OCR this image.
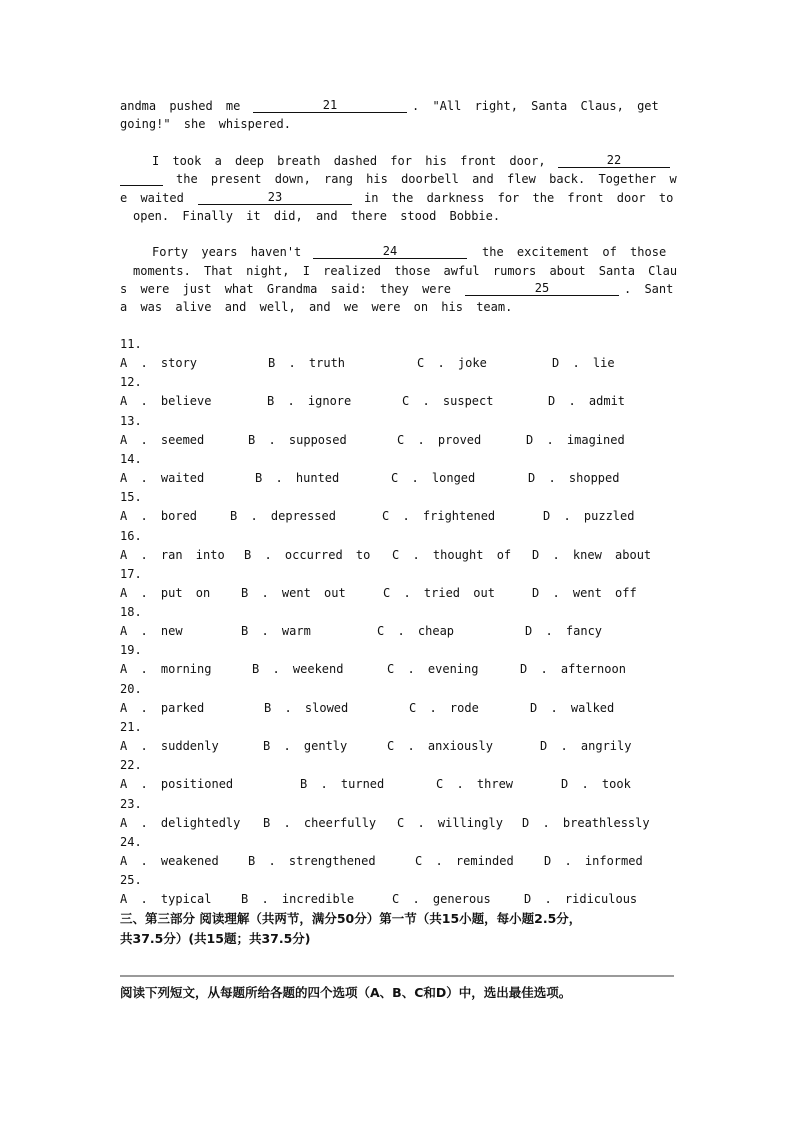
andma pushed me	21	. "All right, Santa Claus, get
going!" she whispered.
I took a deep breath dashed for his front door,	22
the present down, rang his doorbell and flew back. Together w
e waited	23	in the darkness for the front door to
open. Finally it did, and there stood Bobbie.
Forty years haven't	24	the excitement of those
moments. That night, I realized those awful rumors about Santa Clau
s were just what Grandma said: they were	25	. Sant
a was alive and well, and we were on his team.
11.
A . story	B . truth	C . joke	D . lie
12.
A . believe	B . ignore	C . suspect	D . admit
13.
A . seemed	B . supposed	C . proved	D . imagined
14.
A . waited	B . hunted	C . longed	D . shopped
15.
A . bored	B . depressed	C . frightened	D . puzzled
16.
A . ran into B . occurred to C . thought of D . knew about
17.
A . put on	B . went out	C . tried out	D . went off
18.
A . new	B . warm	C . cheap	D . fancy
19.
A . morning	B . weekend	C . evening	D . afternoon
20.
A . parked	B . slowed	C . rode	D . walked
21.
A . suddenly	B . gently	C . anxiously	D . angrily
22.
A . positioned	B . turned	C . threw	D . took
23.
A . delightedly B . cheerfully C . willingly D . breathlessly
24.
A . weakened B . strengthened	C . reminded	D . informed
25.
A . typical B . incredible	C . generous	D . ridiculous
三、第三部分 阅读理解（共两节，满分50分）第一节（共15小题，每小题2.5分，
共37.5分）(共15题；共37.5分)
阅读下列短文，从每题所给各题的四个选项（A、B、C和D）中，选出最佳选项。
